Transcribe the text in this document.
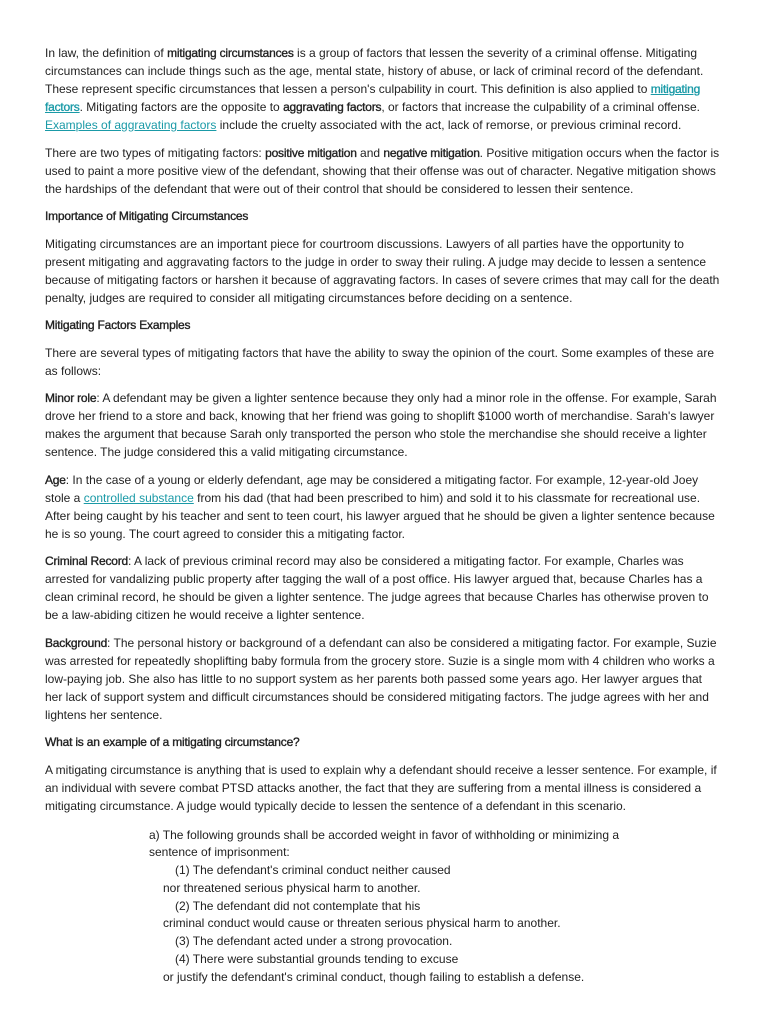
In law, the definition of mitigating circumstances is a group of factors that lessen the severity of a criminal offense. Mitigating circumstances can include things such as the age, mental state, history of abuse, or lack of criminal record of the defendant. These represent specific circumstances that lessen a person's culpability in court. This definition is also applied to mitigating factors. Mitigating factors are the opposite to aggravating factors, or factors that increase the culpability of a criminal offense. Examples of aggravating factors include the cruelty associated with the act, lack of remorse, or previous criminal record.

There are two types of mitigating factors: positive mitigation and negative mitigation. Positive mitigation occurs when the factor is used to paint a more positive view of the defendant, showing that their offense was out of character. Negative mitigation shows the hardships of the defendant that were out of their control that should be considered to lessen their sentence.

Importance of Mitigating Circumstances

Mitigating circumstances are an important piece for courtroom discussions. Lawyers of all parties have the opportunity to present mitigating and aggravating factors to the judge in order to sway their ruling. A judge may decide to lessen a sentence because of mitigating factors or harshen it because of aggravating factors. In cases of severe crimes that may call for the death penalty, judges are required to consider all mitigating circumstances before deciding on a sentence.

Mitigating Factors Examples

There are several types of mitigating factors that have the ability to sway the opinion of the court. Some examples of these are as follows:

Minor role: A defendant may be given a lighter sentence because they only had a minor role in the offense. For example, Sarah drove her friend to a store and back, knowing that her friend was going to shoplift $1000 worth of merchandise. Sarah's lawyer makes the argument that because Sarah only transported the person who stole the merchandise she should receive a lighter sentence. The judge considered this a valid mitigating circumstance.

Age: In the case of a young or elderly defendant, age may be considered a mitigating factor. For example, 12-year-old Joey stole a controlled substance from his dad (that had been prescribed to him) and sold it to his classmate for recreational use. After being caught by his teacher and sent to teen court, his lawyer argued that he should be given a lighter sentence because he is so young. The court agreed to consider this a mitigating factor.

Criminal Record: A lack of previous criminal record may also be considered a mitigating factor. For example, Charles was arrested for vandalizing public property after tagging the wall of a post office. His lawyer argued that, because Charles has a clean criminal record, he should be given a lighter sentence. The judge agrees that because Charles has otherwise proven to be a law-abiding citizen he would receive a lighter sentence.

Background: The personal history or background of a defendant can also be considered a mitigating factor. For example, Suzie was arrested for repeatedly shoplifting baby formula from the grocery store. Suzie is a single mom with 4 children who works a low-paying job. She also has little to no support system as her parents both passed some years ago. Her lawyer argues that her lack of support system and difficult circumstances should be considered mitigating factors. The judge agrees with her and lightens her sentence.

What is an example of a mitigating circumstance?

A mitigating circumstance is anything that is used to explain why a defendant should receive a lesser sentence. For example, if an individual with severe combat PTSD attacks another, the fact that they are suffering from a mental illness is considered a mitigating circumstance. A judge would typically decide to lessen the sentence of a defendant in this scenario.

a) The following grounds shall be accorded weight in favor of withholding or minimizing a
sentence of imprisonment:
(1) The defendant's criminal conduct neither caused
nor threatened serious physical harm to another.
(2) The defendant did not contemplate that his
criminal conduct would cause or threaten serious physical harm to another.
(3) The defendant acted under a strong provocation.
(4) There were substantial grounds tending to excuse
or justify the defendant's criminal conduct, though failing to establish a defense.
